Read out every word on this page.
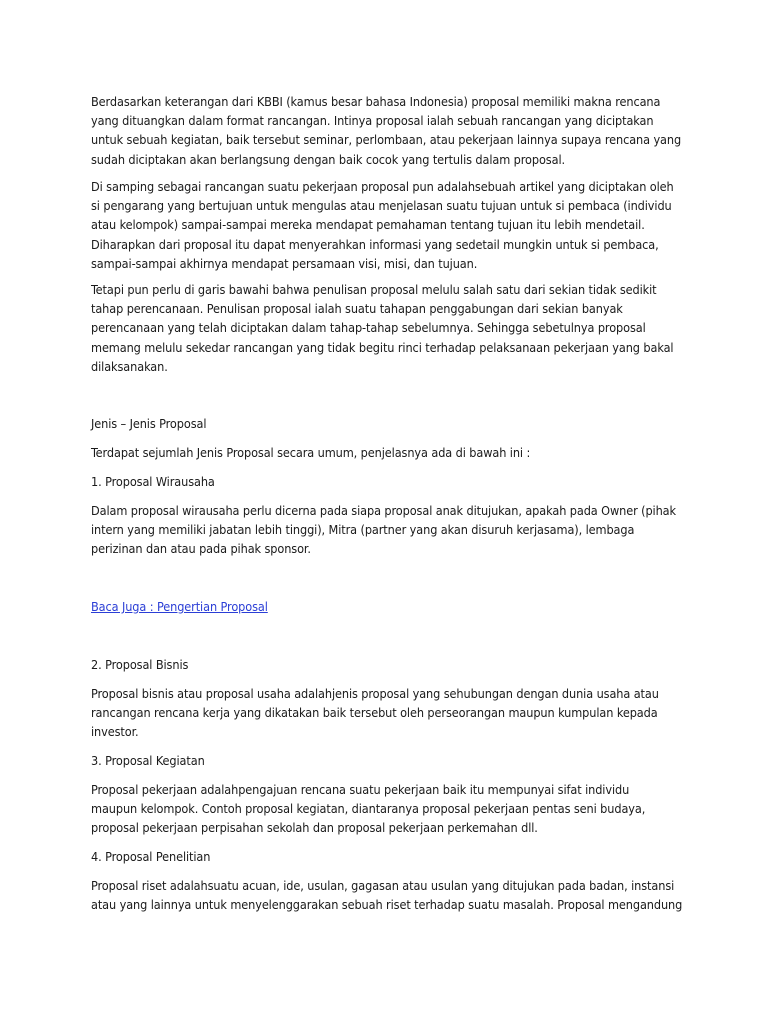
Berdasarkan keterangan dari KBBI (kamus besar bahasa Indonesia) proposal memiliki makna rencana
yang dituangkan dalam format rancangan. Intinya proposal ialah sebuah rancangan yang diciptakan
untuk sebuah kegiatan, baik tersebut seminar, perlombaan, atau pekerjaan lainnya supaya rencana yang
sudah diciptakan akan berlangsung dengan baik cocok yang tertulis dalam proposal.

Di samping sebagai rancangan suatu pekerjaan proposal pun adalahsebuah artikel yang diciptakan oleh
si pengarang yang bertujuan untuk mengulas atau menjelasan suatu tujuan untuk si pembaca (individu
atau kelompok) sampai-sampai mereka mendapat pemahaman tentang tujuan itu lebih mendetail.
Diharapkan dari proposal itu dapat menyerahkan informasi yang sedetail mungkin untuk si pembaca,
sampai-sampai akhirnya mendapat persamaan visi, misi, dan tujuan.

Tetapi pun perlu di garis bawahi bahwa penulisan proposal melulu salah satu dari sekian tidak sedikit
tahap perencanaan. Penulisan proposal ialah suatu tahapan penggabungan dari sekian banyak
perencanaan yang telah diciptakan dalam tahap-tahap sebelumnya. Sehingga sebetulnya proposal
memang melulu sekedar rancangan yang tidak begitu rinci terhadap pelaksanaan pekerjaan yang bakal
dilaksanakan.

Jenis – Jenis Proposal

Terdapat sejumlah Jenis Proposal secara umum, penjelasnya ada di bawah ini :

1. Proposal Wirausaha

Dalam proposal wirausaha perlu dicerna pada siapa proposal anak ditujukan, apakah pada Owner (pihak
intern yang memiliki jabatan lebih tinggi), Mitra (partner yang akan disuruh kerjasama), lembaga
perizinan dan atau pada pihak sponsor.

Baca Juga : Pengertian Proposal

2. Proposal Bisnis

Proposal bisnis atau proposal usaha adalahjenis proposal yang sehubungan dengan dunia usaha atau
rancangan rencana kerja yang dikatakan baik tersebut oleh perseorangan maupun kumpulan kepada
investor.

3. Proposal Kegiatan

Proposal pekerjaan adalahpengajuan rencana suatu pekerjaan baik itu mempunyai sifat individu
maupun kelompok. Contoh proposal kegiatan, diantaranya proposal pekerjaan pentas seni budaya,
proposal pekerjaan perpisahan sekolah dan proposal pekerjaan perkemahan dll.

4. Proposal Penelitian

Proposal riset adalahsuatu acuan, ide, usulan, gagasan atau usulan yang ditujukan pada badan, instansi
atau yang lainnya untuk menyelenggarakan sebuah riset terhadap suatu masalah. Proposal mengandung
